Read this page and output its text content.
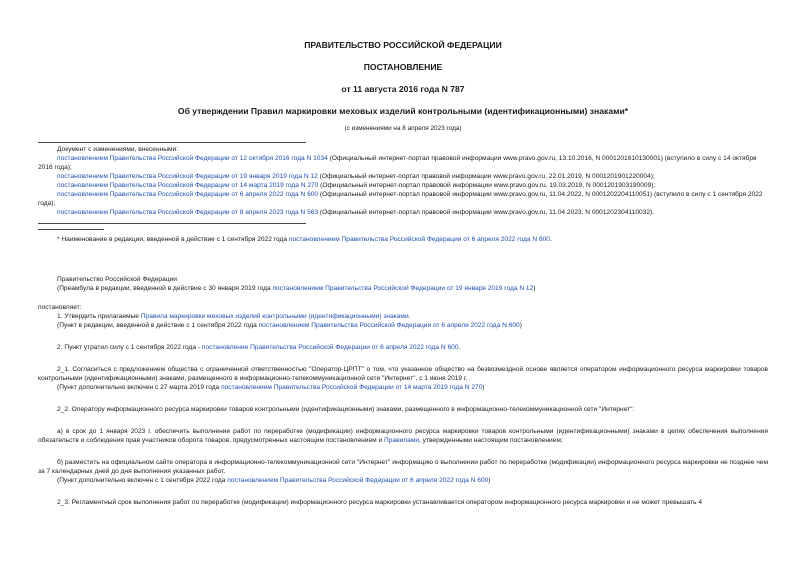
ПРАВИТЕЛЬСТВО РОССИЙСКОЙ ФЕДЕРАЦИИ

ПОСТАНОВЛЕНИЕ

от 11 августа 2016 года N 787

Об утверждении Правил маркировки меховых изделий контрольными (идентификационными) знаками*

(с изменениями на 8 апреля 2023 года)

Документ с изменениями, внесенными:

постановлением Правительства Российской Федерации от 12 октября 2016 года N 1034 (Официальный интернет-портал правовой информации www.pravo.gov.ru, 13.10.2016, N 0001201610130001) (вступило в силу с 14 октября 2016 года);

постановлением Правительства Российской Федерации от 19 января 2019 года N 12 (Официальный интернет-портал правовой информации www.pravo.gov.ru, 22.01.2019, N 0001201901220004);

постановлением Правительства Российской Федерации от 14 марта 2019 года N 270 (Официальный интернет-портал правовой информации www.pravo.gov.ru, 19.03.2019, N 0001201903190009);

постановлением Правительства Российской Федерации от 6 апреля 2022 года N 600 (Официальный интернет-портал правовой информации www.pravo.gov.ru, 11.04.2022, N 0001202204110051) (вступило в силу с 1 сентября 2022 года);

постановлением Правительства Российской Федерации от 8 апреля 2023 года N 563 (Официальный интернет-портал правовой информации www.pravo.gov.ru, 11.04.2023, N 0001202304110032).

* Наименование в редакции, введенной в действие с 1 сентября 2022 года постановлением Правительства Российской Федерации от 6 апреля 2022 года N 600.

Правительство Российской Федерации

(Преамбула в редакции, введенной в действие с 30 января 2019 года постановлением Правительства Российской Федерации от 19 января 2019 года N 12)

постановляет:

1. Утвердить прилагаемые Правила маркировки меховых изделий контрольными (идентификационными) знаками.

(Пункт в редакции, введенной в действие с 1 сентября 2022 года постановлением Правительства Российской Федерации от 6 апреля 2022 года N 600)

2. Пункт утратил силу с 1 сентября 2022 года - постановление Правительства Российской Федерации от 6 апреля 2022 года N 600.

2_1. Согласиться с предложением общества с ограниченной ответственностью "Оператор-ЦРПТ" о том, что указанное общество на безвозмездной основе является оператором информационного ресурса маркировки товаров контрольными (идентификационными) знаками, размещенного в информационно-телекоммуникационной сети "Интернет", с 1 июня 2019 г.

(Пункт дополнительно включен с 27 марта 2019 года постановлением Правительства Российской Федерации от 14 марта 2019 года N 270)

2_2. Оператору информационного ресурса маркировки товаров контрольными (идентификационными) знаками, размещенного в информационно-телекоммуникационной сети "Интернет":

а) в срок до 1 января 2023 г. обеспечить выполнение работ по переработке (модификации) информационного ресурса маркировки товаров контрольными (идентификационными) знаками в целях обеспечения выполнения обязательств и соблюдения прав участников оборота товаров, предусмотренных настоящим постановлением и Правилами, утвержденными настоящим постановлением;

б) разместить на официальном сайте оператора в информационно-телекоммуникационной сети "Интернет" информацию о выполнении работ по переработке (модификации) информационного ресурса маркировки не позднее чем за 7 календарных дней до дня выполнения указанных работ.

(Пункт дополнительно включен с 1 сентября 2022 года постановлением Правительства Российской Федерации от 6 апреля 2022 года N 600)

2_3. Регламентный срок выполнения работ по переработке (модификации) информационного ресурса маркировки устанавливается оператором информационного ресурса маркировки и не может превышать 4
